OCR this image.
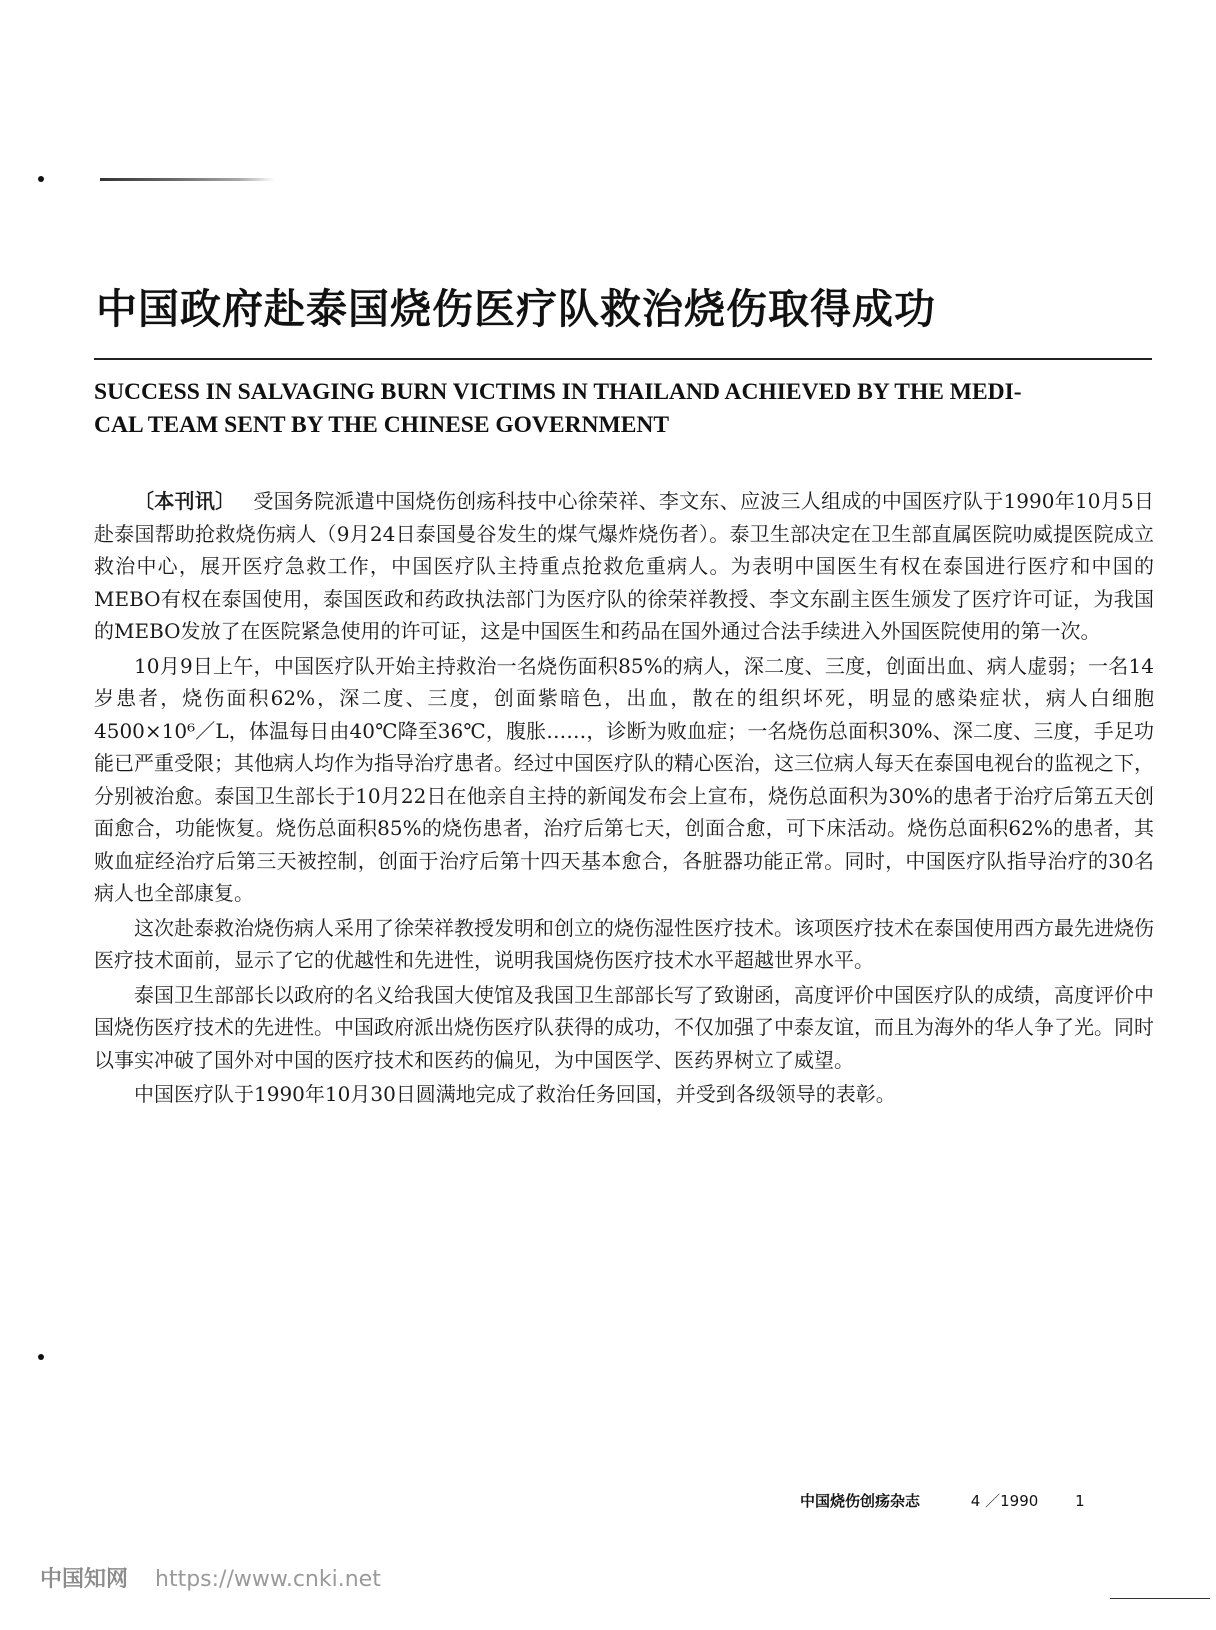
中国政府赴泰国烧伤医疗队救治烧伤取得成功
SUCCESS IN SALVAGING BURN VICTIMS IN THAILAND ACHIEVED BY THE MEDI-
CAL TEAM SENT BY THE CHINESE GOVERNMENT

〔本刊讯〕 受国务院派遣中国烧伤创疡科技中心徐荣祥、李文东、应波三人组成的中国医疗队于1990年10月5日赴泰国帮助抢救烧伤病人（9月24日泰国曼谷发生的煤气爆炸烧伤者）。泰卫生部决定在卫生部直属医院叻威提医院成立救治中心，展开医疗急救工作，中国医疗队主持重点抢救危重病人。为表明中国医生有权在泰国进行医疗和中国的MEBO有权在泰国使用，泰国医政和药政执法部门为医疗队的徐荣祥教授、李文东副主医生颁发了医疗许可证，为我国的MEBO发放了在医院紧急使用的许可证，这是中国医生和药品在国外通过合法手续进入外国医院使用的第一次。

10月9日上午，中国医疗队开始主持救治一名烧伤面积85%的病人，深二度、三度，创面出血、病人虚弱；一名14岁患者，烧伤面积62%，深二度、三度，创面紫暗色，出血，散在的组织坏死，明显的感染症状，病人白细胞4500×10⁶／L，体温每日由40℃降至36℃，腹胀……，诊断为败血症；一名烧伤总面积30%、深二度、三度，手足功能已严重受限；其他病人均作为指导治疗患者。经过中国医疗队的精心医治，这三位病人每天在泰国电视台的监视之下，分别被治愈。泰国卫生部长于10月22日在他亲自主持的新闻发布会上宣布，烧伤总面积为30%的患者于治疗后第五天创面愈合，功能恢复。烧伤总面积85%的烧伤患者，治疗后第七天，创面合愈，可下床活动。烧伤总面积62%的患者，其败血症经治疗后第三天被控制，创面于治疗后第十四天基本愈合，各脏器功能正常。同时，中国医疗队指导治疗的30名病人也全部康复。

这次赴泰救治烧伤病人采用了徐荣祥教授发明和创立的烧伤湿性医疗技术。该项医疗技术在泰国使用西方最先进烧伤医疗技术面前，显示了它的优越性和先进性，说明我国烧伤医疗技术水平超越世界水平。

泰国卫生部部长以政府的名义给我国大使馆及我国卫生部部长写了致谢函，高度评价中国医疗队的成绩，高度评价中国烧伤医疗技术的先进性。中国政府派出烧伤医疗队获得的成功，不仅加强了中泰友谊，而且为海外的华人争了光。同时以事实冲破了国外对中国的医疗技术和医药的偏见，为中国医学、医药界树立了威望。

中国医疗队于1990年10月30日圆满地完成了救治任务回国，并受到各级领导的表彰。

中国烧伤创疡杂志	4 ／1990 1
中国知网 https://www.cnki.net
